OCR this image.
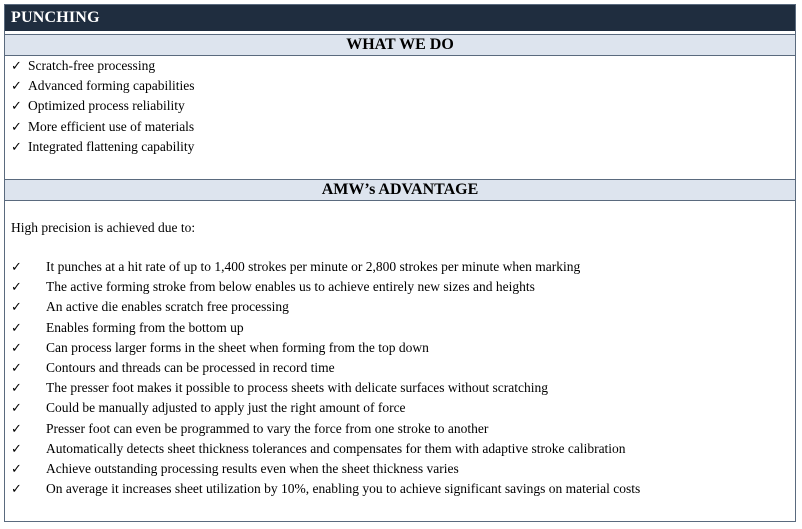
PUNCHING
WHAT WE DO
✓ Scratch-free processing
✓ Advanced forming capabilities
✓ Optimized process reliability
✓ More efficient use of materials
✓ Integrated flattening capability
AMW’s ADVANTAGE
High precision is achieved due to:
✓ It punches at a hit rate of up to 1,400 strokes per minute or 2,800 strokes per minute when marking
✓ The active forming stroke from below enables us to achieve entirely new sizes and heights
✓ An active die enables scratch free processing
✓ Enables forming from the bottom up
✓ Can process larger forms in the sheet when forming from the top down
✓ Contours and threads can be processed in record time
✓ The presser foot makes it possible to process sheets with delicate surfaces without scratching
✓ Could be manually adjusted to apply just the right amount of force
✓ Presser foot can even be programmed to vary the force from one stroke to another
✓ Automatically detects sheet thickness tolerances and compensates for them with adaptive stroke calibration
✓ Achieve outstanding processing results even when the sheet thickness varies
✓ On average it increases sheet utilization by 10%, enabling you to achieve significant savings on material costs
